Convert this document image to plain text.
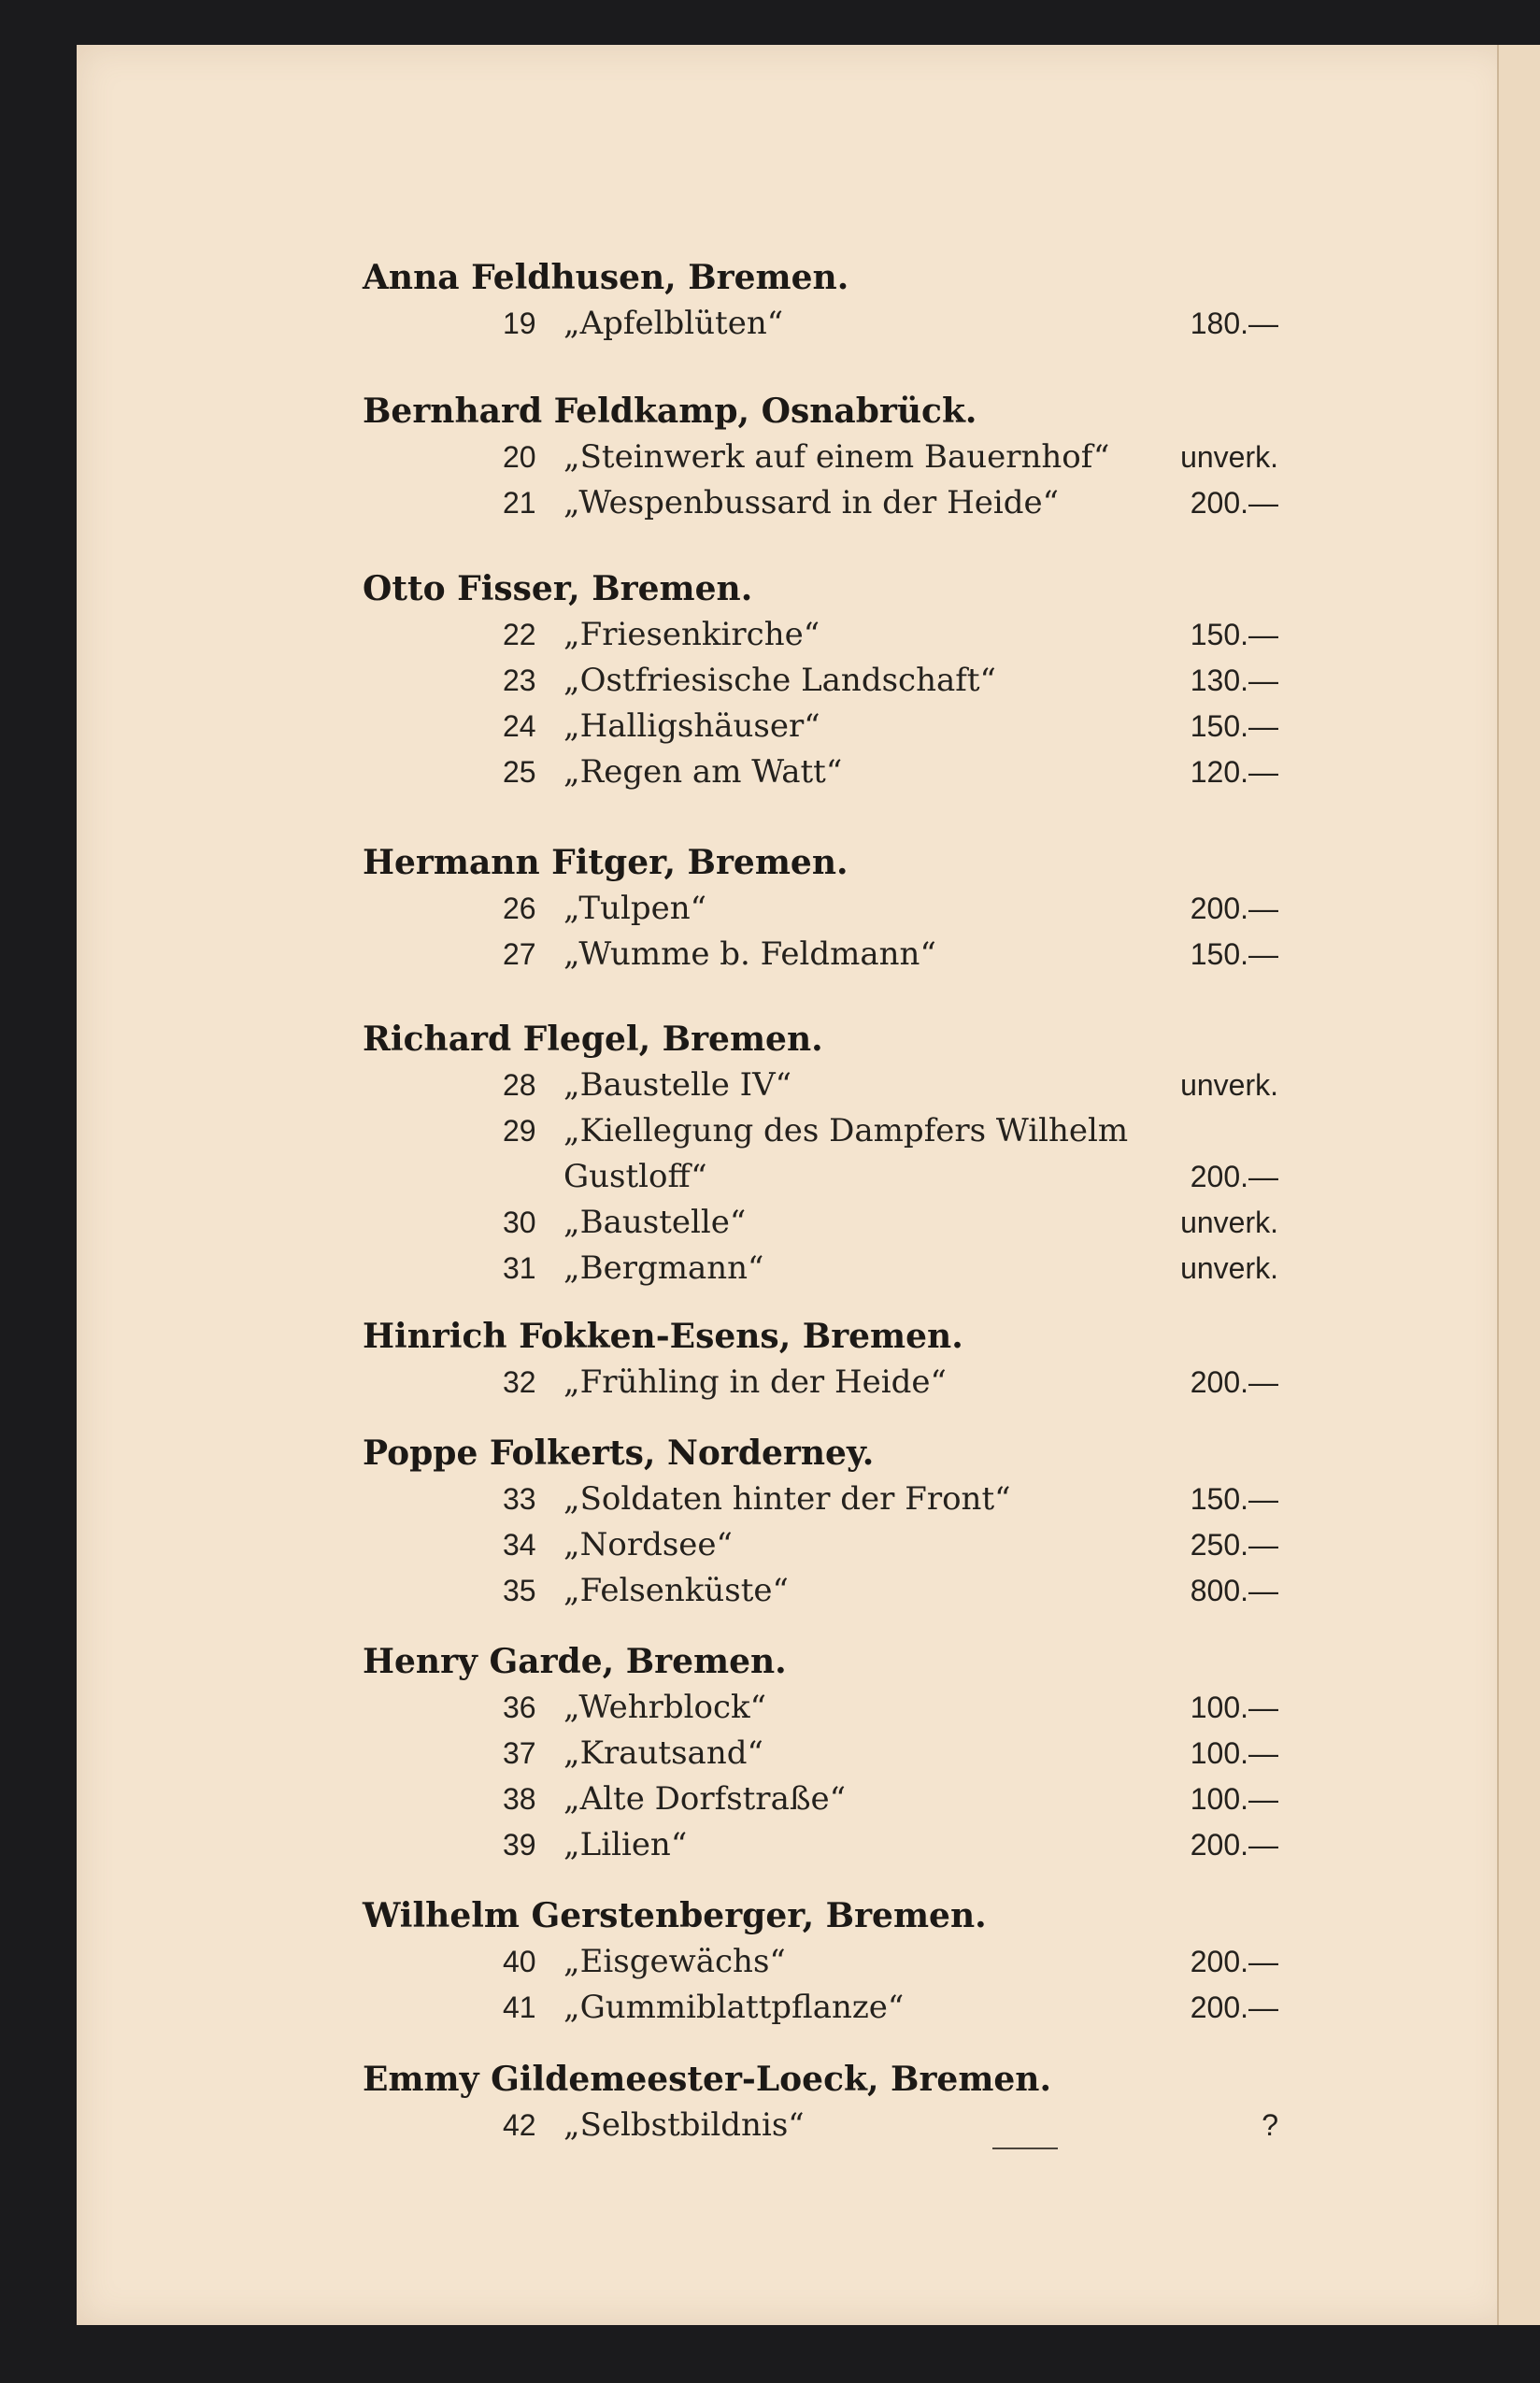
Anna Feldhusen, Bremen.

19 „Apfelblüten“	180.—

Bernhard Feldkamp, Osnabrück.

20 „Steinwerk auf einem Bauernhof“	unverk.
21 „Wespenbussard in der Heide“	200.—

Otto Fisser, Bremen.

22 „Friesenkirche“	150.—
23 „Ostfriesische Landschaft“	130.—
24 „Halligshäuser“	150.—
25 „Regen am Watt“	120.—

Hermann Fitger, Bremen.

26 „Tulpen“	200.—
27 „Wumme b. Feldmann“	150.—

Richard Flegel, Bremen.

28 „Baustelle IV“	unverk.
29 „Kiellegung des Dampfers Wilhelm Gustloff“	200.—
30 „Baustelle“	unverk.
31 „Bergmann“	unverk.

Hinrich Fokken-Esens, Bremen.

32 „Frühling in der Heide“	200.—

Poppe Folkerts, Norderney.

33 „Soldaten hinter der Front“	150.—
34 „Nordsee“	250.—
35 „Felsenküste“	800.—

Henry Garde, Bremen.

36 „Wehrblock“	100.—
37 „Krautsand“	100.—
38 „Alte Dorfstraße“	100.—
39 „Lilien“	200.—

Wilhelm Gerstenberger, Bremen.

40 „Eisgewächs“	200.—
41 „Gummiblattpflanze“	200.—

Emmy Gildemeester-Loeck, Bremen.

42 „Selbstbildnis“	?
